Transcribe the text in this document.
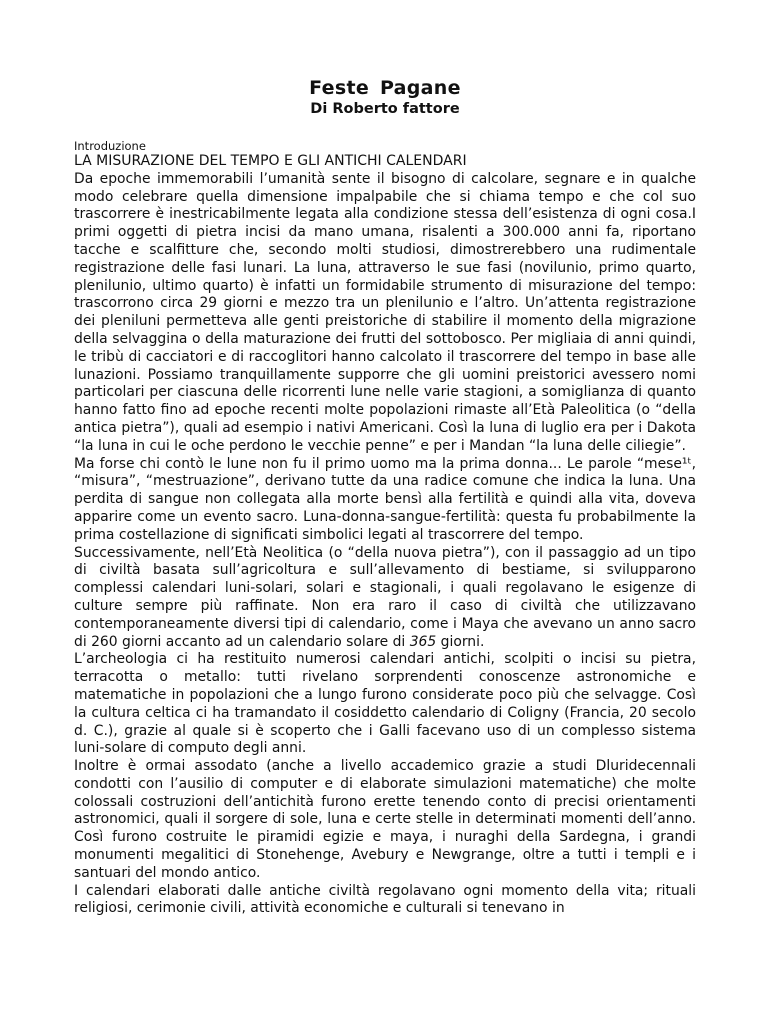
Feste Pagane

Di Roberto fattore

Introduzione

LA MISURAZIONE DEL TEMPO E GLI ANTICHI CALENDARI

Da epoche immemorabili l’umanità sente il bisogno di calcolare, segnare e in qualche modo celebrare quella dimensione impalpabile che si chiama tempo e che col suo trascorrere è inestricabilmente legata alla condizione stessa dell’esistenza di ogni cosa.I primi oggetti di pietra incisi da mano umana, risalenti a 300.000 anni fa, riportano tacche e scalfitture che, secondo molti studiosi, dimostrerebbero una rudimentale registrazione delle fasi lunari. La luna, attraverso le sue fasi (novilunio, primo quarto, plenilunio, ultimo quarto) è infatti un formidabile strumento di misurazione del tempo: trascorrono circa 29 giorni e mezzo tra un plenilunio e l’altro. Un’attenta registrazione dei pleniluni permetteva alle genti preistoriche di stabilire il momento della migrazione della selvaggina o della maturazione dei frutti del sottobosco. Per migliaia di anni quindi, le tribù di cacciatori e di raccoglitori hanno calcolato il trascorrere del tempo in base alle lunazioni. Possiamo tranquillamente supporre che gli uomini preistorici avessero nomi particolari per ciascuna delle ricorrenti lune nelle varie stagioni, a somiglianza di quanto hanno fatto fino ad epoche recenti molte popolazioni rimaste all’Età Paleolitica (o “della antica pietra”), quali ad esempio i nativi Americani. Così la luna di luglio era per i Dakota “la luna in cui le oche perdono le vecchie penne” e per i Mandan “la luna delle ciliegie”.

Ma forse chi contò le lune non fu il primo uomo ma la prima donna... Le parole “mese¹ᵗ, “misura”, “mestruazione”, derivano tutte da una radice comune che indica la luna. Una perdita di sangue non collegata alla morte bensì alla fertilità e quindi alla vita, doveva apparire come un evento sacro. Luna-donna-sangue-fertilità: questa fu probabilmente la prima costellazione di significati simbolici legati al trascorrere del tempo.

Successivamente, nell’Età Neolitica (o “della nuova pietra”), con il passaggio ad un tipo di civiltà basata sull’agricoltura e sull’allevamento di bestiame, si svilupparono complessi calendari luni-solari, solari e stagionali, i quali regolavano le esigenze di culture sempre più raffinate. Non era raro il caso di civiltà che utilizzavano contemporaneamente diversi tipi di calendario, come i Maya che avevano un anno sacro di 260 giorni accanto ad un calendario solare di 365 giorni.

L’archeologia ci ha restituito numerosi calendari antichi, scolpiti o incisi su pietra, terracotta o metallo: tutti rivelano sorprendenti conoscenze astronomiche e matematiche in popolazioni che a lungo furono considerate poco più che selvagge. Così la cultura celtica ci ha tramandato il cosiddetto calendario di Coligny (Francia, 20 secolo d. C.), grazie al quale si è scoperto che i Galli facevano uso di un complesso sistema luni-solare di computo degli anni.

Inoltre è ormai assodato (anche a livello accademico grazie a studi Dluridecennali condotti con l’ausilio di computer e di elaborate simulazioni matematiche) che molte colossali costruzioni dell’antichità furono erette tenendo conto di precisi orientamenti astronomici, quali il sorgere di sole, luna e certe stelle in determinati momenti dell’anno. Così furono costruite le piramidi egizie e maya, i nuraghi della Sardegna, i grandi monumenti megalitici di Stonehenge, Avebury e Newgrange, oltre a tutti i templi e i santuari del mondo antico.

I calendari elaborati dalle antiche civiltà regolavano ogni momento della vita; rituali religiosi, cerimonie civili, attività economiche e culturali si tenevano in
